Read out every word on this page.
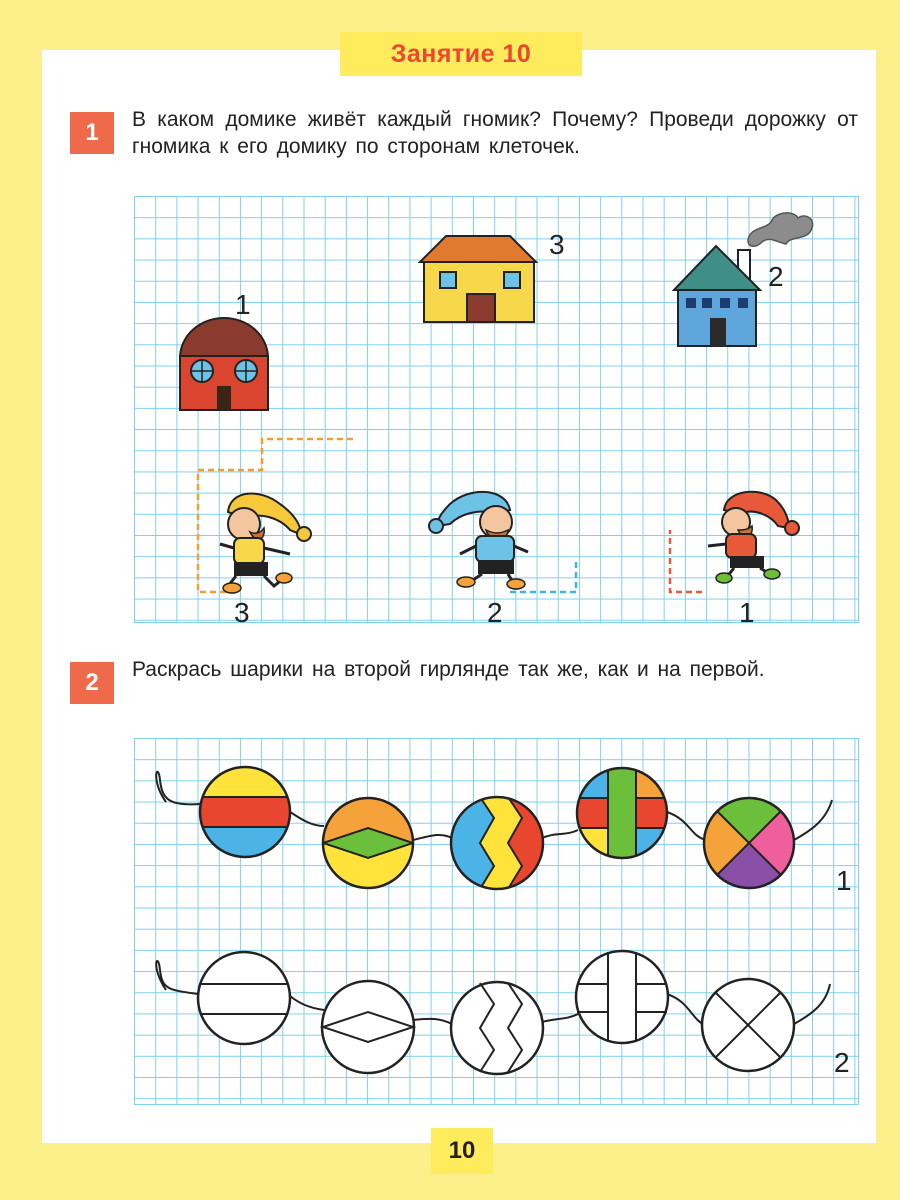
Занятие 10
1	В каком домике живёт каждый гномик? Почему? Проведи дорожку от гномика к его домику по сторонам клеточек.
2	Раскрась шарики на второй гирлянде так же, как и на первой.
1
3
2
3	2	1
1
2
10
